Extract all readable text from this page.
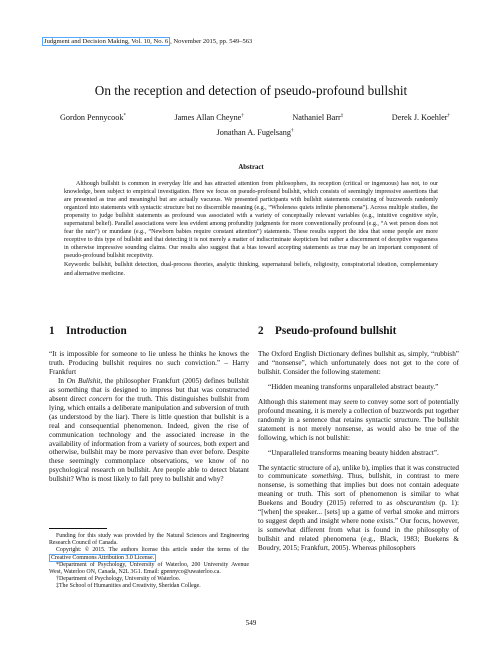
Judgment and Decision Making, Vol. 10, No. 6 , November 2015, pp. 549–563
On the reception and detection of pseudo-profound bullshit
Gordon Pennycook*	James Allan Cheyne†	Nathaniel Barr‡	Derek J. Koehler†
Jonathan A. Fugelsang†
Abstract

Although bullshit is common in everyday life and has attracted attention from philosophers, its reception (critical or ingenuous) has not, to our knowledge, been subject to empirical investigation. Here we focus on pseudo-profound bullshit, which consists of seemingly impressive assertions that are presented as true and meaningful but are actually vacuous. We presented participants with bullshit statements consisting of buzzwords randomly organized into statements with syntactic structure but no discernible meaning (e.g., “Wholeness quiets infinite phenomena”). Across multiple studies, the propensity to judge bullshit statements as profound was associated with a variety of conceptually relevant variables (e.g., intuitive cognitive style, supernatural belief). Parallel associations were less evident among profundity judgments for more conventionally profound (e.g., “A wet person does not fear the rain”) or mundane (e.g., “Newborn babies require constant attention”) statements. These results support the idea that some people are more receptive to this type of bullshit and that detecting it is not merely a matter of indiscriminate skepticism but rather a discernment of deceptive vagueness in otherwise impressive sounding claims. Our results also suggest that a bias toward accepting statements as true may be an important component of pseudo-profound bullshit receptivity.

Keywords: bullshit, bullshit detection, dual-process theories, analytic thinking, supernatural beliefs, religiosity, conspiratorial ideation, complementary and alternative medicine.

1 Introduction

“It is impossible for someone to lie unless he thinks he knows the truth. Producing bullshit requires no such conviction.” – Harry Frankfurt

In On Bullshit, the philosopher Frankfurt (2005) defines bullshit as something that is designed to impress but that was constructed absent direct concern for the truth. This distinguishes bullshit from lying, which entails a deliberate manipulation and subversion of truth (as understood by the liar). There is little question that bullshit is a real and consequential phenomenon. Indeed, given the rise of communication technology and the associated increase in the availability of information from a variety of sources, both expert and otherwise, bullshit may be more pervasive than ever before. Despite these seemingly commonplace observations, we know of no psychological research on bullshit. Are people able to detect blatant bullshit? Who is most likely to fall prey to bullshit and why?

Funding for this study was provided by the Natural Sciences and Engineering Research Council of Canada.

Copyright: © 2015. The authors license this article under the terms of the Creative Commons Attribution 3.0 License.

*Department of Psychology, University of Waterloo, 200 University Avenue West, Waterloo ON, Canada, N2L 3G1. Email: gpennyco@uwaterloo.ca.

†Department of Psychology, University of Waterloo.

‡The School of Humanities and Creativity, Sheridan College.

2 Pseudo-profound bullshit

The Oxford English Dictionary defines bullshit as, simply, “rubbish” and “nonsense”, which unfortunately does not get to the core of bullshit. Consider the following statement:

“Hidden meaning transforms unparalleled abstract beauty.”

Although this statement may seem to convey some sort of potentially profound meaning, it is merely a collection of buzzwords put together randomly in a sentence that retains syntactic structure. The bullshit statement is not merely nonsense, as would also be true of the following, which is not bullshit:

“Unparalleled transforms meaning beauty hidden abstract”.

The syntactic structure of a), unlike b), implies that it was constructed to communicate something. Thus, bullshit, in contrast to mere nonsense, is something that implies but does not contain adequate meaning or truth. This sort of phenomenon is similar to what Buekens and Boudry (2015) referred to as obscurantism (p. 1): “[when] the speaker... [sets] up a game of verbal smoke and mirrors to suggest depth and insight where none exists.” Our focus, however, is somewhat different from what is found in the philosophy of bullshit and related phenomena (e.g., Black, 1983; Buekens & Boudry, 2015; Frankfurt, 2005). Whereas philosophers

549
